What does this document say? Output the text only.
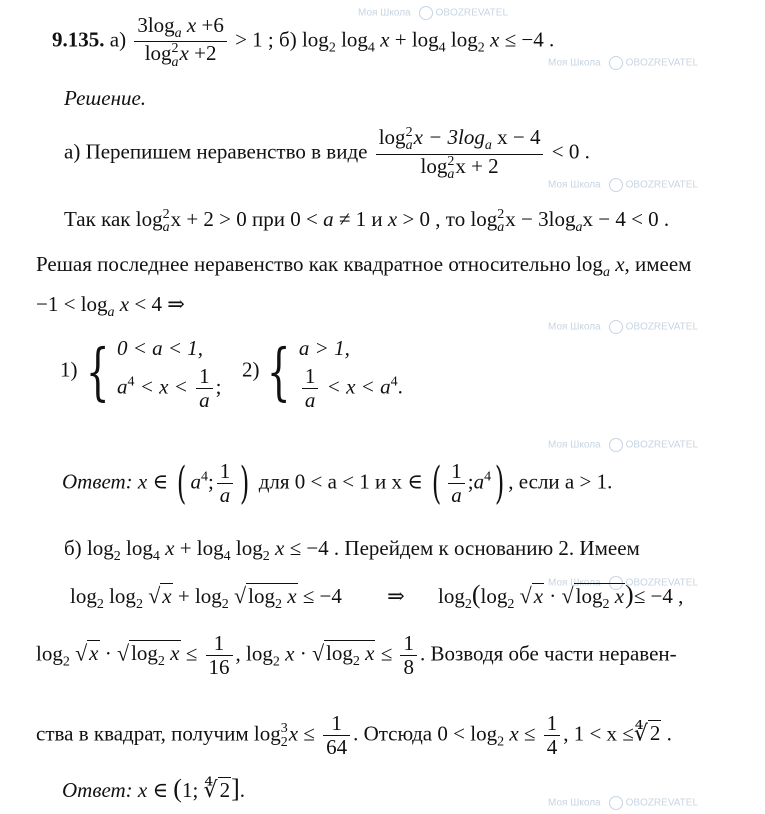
Моя Школа	OBOZREVATEL
Моя Школа	OBOZREVATEL
Моя Школа	OBOZREVATEL
Моя Школа	OBOZREVATEL
Моя Школа	OBOZREVATEL
Моя Школа	OBOZREVATEL
Моя Школа	OBOZREVATEL
9.135. а) $3\log_a$ x +6
log 2
a x +2 > 1 ; б) $\log_2 \log_4 x + \log_4 \log_2 x \le -4$ .
Решение.
а) Перепишем неравенство в виде log 2
a $x - 3\log_a$ x − 4
log 2
a x + 2 < 0 .
Так как log 2
a x + 2 > 0 при 0 < a ≠ 1 и x > 0 , то log 2
a $x - 3\log_ax - 4 < 0$ .
Решая последнее неравенство как квадратное относительно $\log_a x$, имеем
$-1 < \log_a x < 4$ ⇒
1) { 0 < a < 1,
$a^4 < x < \frac{1}{a}$ ;
2) { a > 1,
$\frac{1}{a} < x < a^4$.
Ответ: x ∈ ( $a^4$; $\frac{1}{a}$ ) для 0 < a < 1 и x ∈ ( $\frac{1}{a}$ $;a^4$) , если a > 1.
б) $\log_2 \log_4 x + \log_4 \log_2 x \le -4$ . Перейдем к основанию 2. Имеем
$\log_2 \log_2 √x + \log_2 √\log_2$ x ≤ −4 ⇒ $\log_2(\log_2$ $√x \cdot √\log_2$ x)≤ −4 ,
$\log_2 √x \cdot √\log_2$ $x \le \frac{1}{16}$ , $\log_2 x \cdot √\log_2$ $x \le \frac{1}{8}$ . Возводя обе части нерaвен-
ства в квадрат, получим log 3
2 $x \le \frac{1}{64}$ . Отсюда $0 < \log_2 x \le \frac{1}{4}$ , 1 < x ≤∜2 .
Ответ: x ∈ (1; ∜2].
